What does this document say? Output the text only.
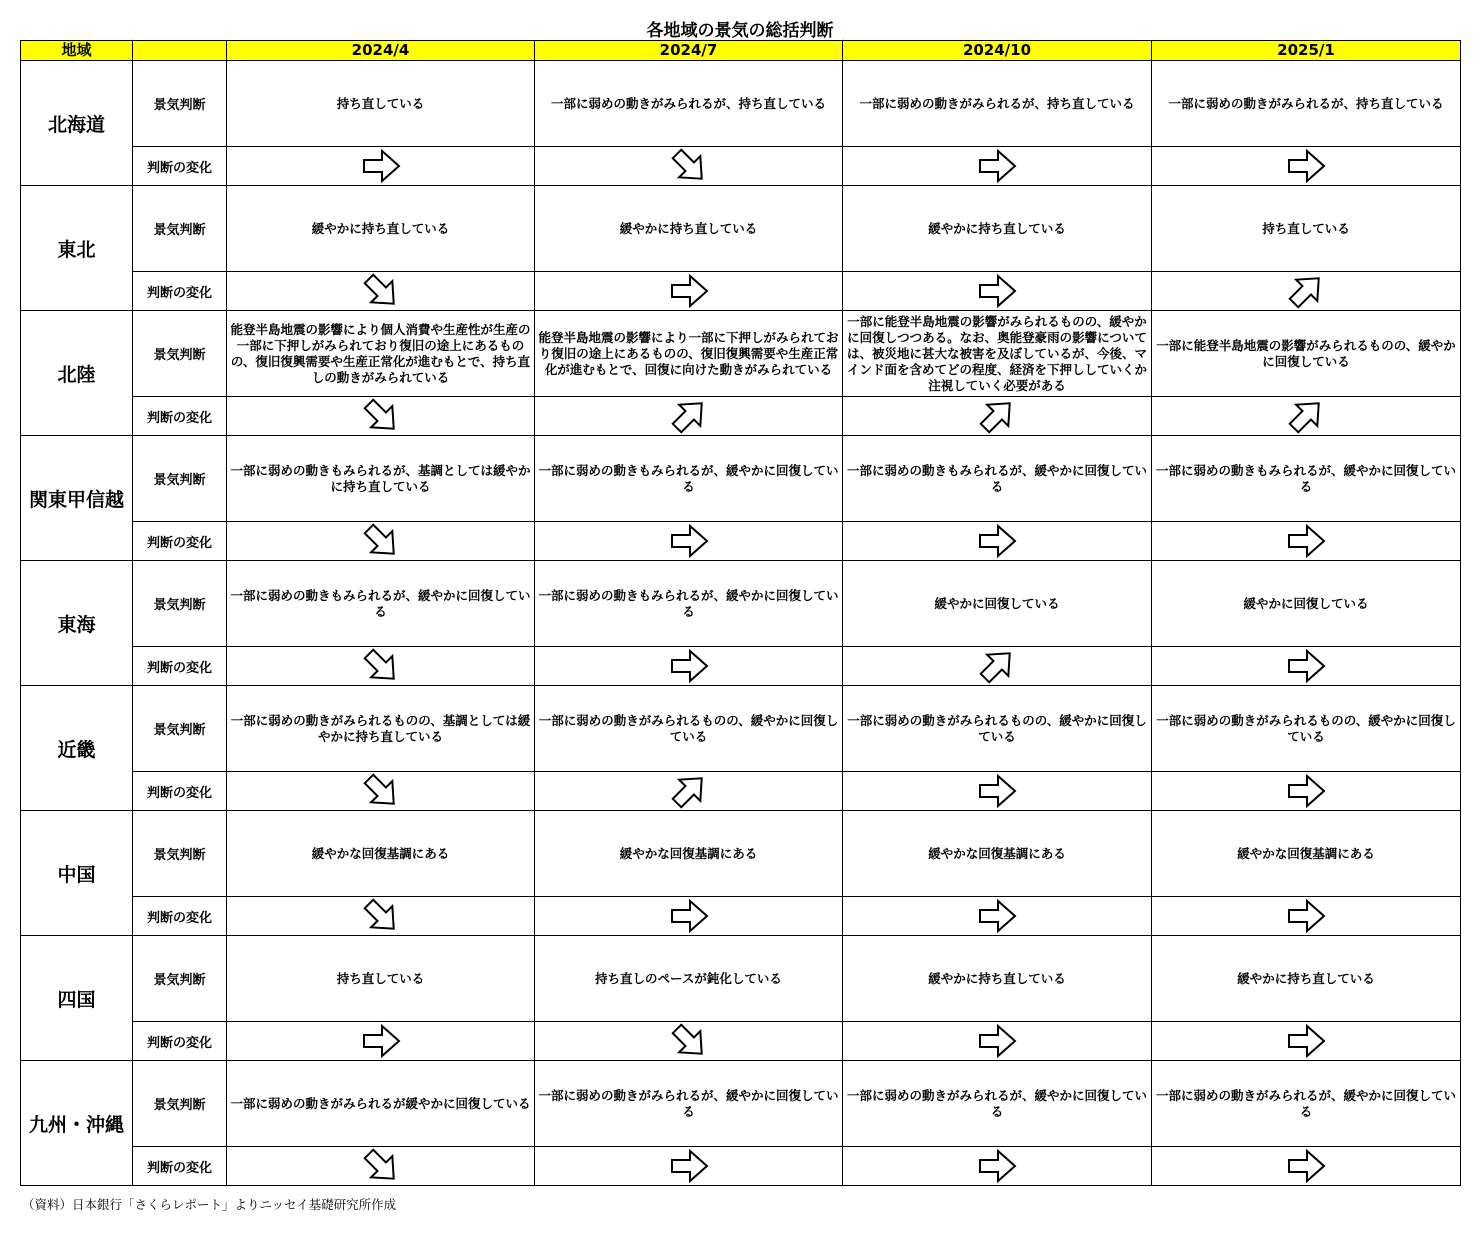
各地域の景気の総括判断
地域		2024/4	2024/7	2024/10	2025/1
北海道	景気判断	持ち直している	一部に弱めの動きがみられるが、持ち直している	一部に弱めの動きがみられるが、持ち直している	一部に弱めの動きがみられるが、持ち直している
	判断の変化	

東北	景気判断	緩やかに持ち直している	緩やかに持ち直している	緩やかに持ち直している	持ち直している
	判断の変化	

北陸	景気判断	能登半島地震の影響により個人消費や生産性が生産の一部に下押しがみられており復旧の途上にあるものの、復旧復興需要や生産正常化が進むもとで、持ち直しの動きがみられている	能登半島地震の影響により一部に下押しがみられており復旧の途上にあるものの、復旧復興需要や生産正常化が進むもとで、回復に向けた動きがみられている	一部に能登半島地震の影響がみられるものの、緩やかに回復しつつある。なお、奥能登豪雨の影響については、被災地に甚大な被害を及ぼしているが、今後、マインド面を含めてどの程度、経済を下押ししていくか注視していく必要がある	一部に能登半島地震の影響がみられるものの、緩やかに回復している
	判断の変化	

関東甲信越	景気判断	一部に弱めの動きもみられるが、基調としては緩やかに持ち直している	一部に弱めの動きもみられるが、緩やかに回復している	一部に弱めの動きもみられるが、緩やかに回復している	一部に弱めの動きもみられるが、緩やかに回復している
	判断の変化	

東海	景気判断	一部に弱めの動きもみられるが、緩やかに回復している	一部に弱めの動きもみられるが、緩やかに回復している	緩やかに回復している	緩やかに回復している
	判断の変化	

近畿	景気判断	一部に弱めの動きがみられるものの、基調としては緩やかに持ち直している	一部に弱めの動きがみられるものの、緩やかに回復している	一部に弱めの動きがみられるものの、緩やかに回復している	一部に弱めの動きがみられるものの、緩やかに回復している
	判断の変化	

中国	景気判断	緩やかな回復基調にある	緩やかな回復基調にある	緩やかな回復基調にある	緩やかな回復基調にある
	判断の変化	

四国	景気判断	持ち直している	持ち直しのペースが鈍化している	緩やかに持ち直している	緩やかに持ち直している
	判断の変化	

九州・沖縄	景気判断	一部に弱めの動きがみられるが緩やかに回復している	一部に弱めの動きがみられるが、緩やかに回復している	一部に弱めの動きがみられるが、緩やかに回復している	一部に弱めの動きがみられるが、緩やかに回復している
	判断の変化	

（資料）日本銀行「さくらレポート」よりニッセイ基礎研究所作成
